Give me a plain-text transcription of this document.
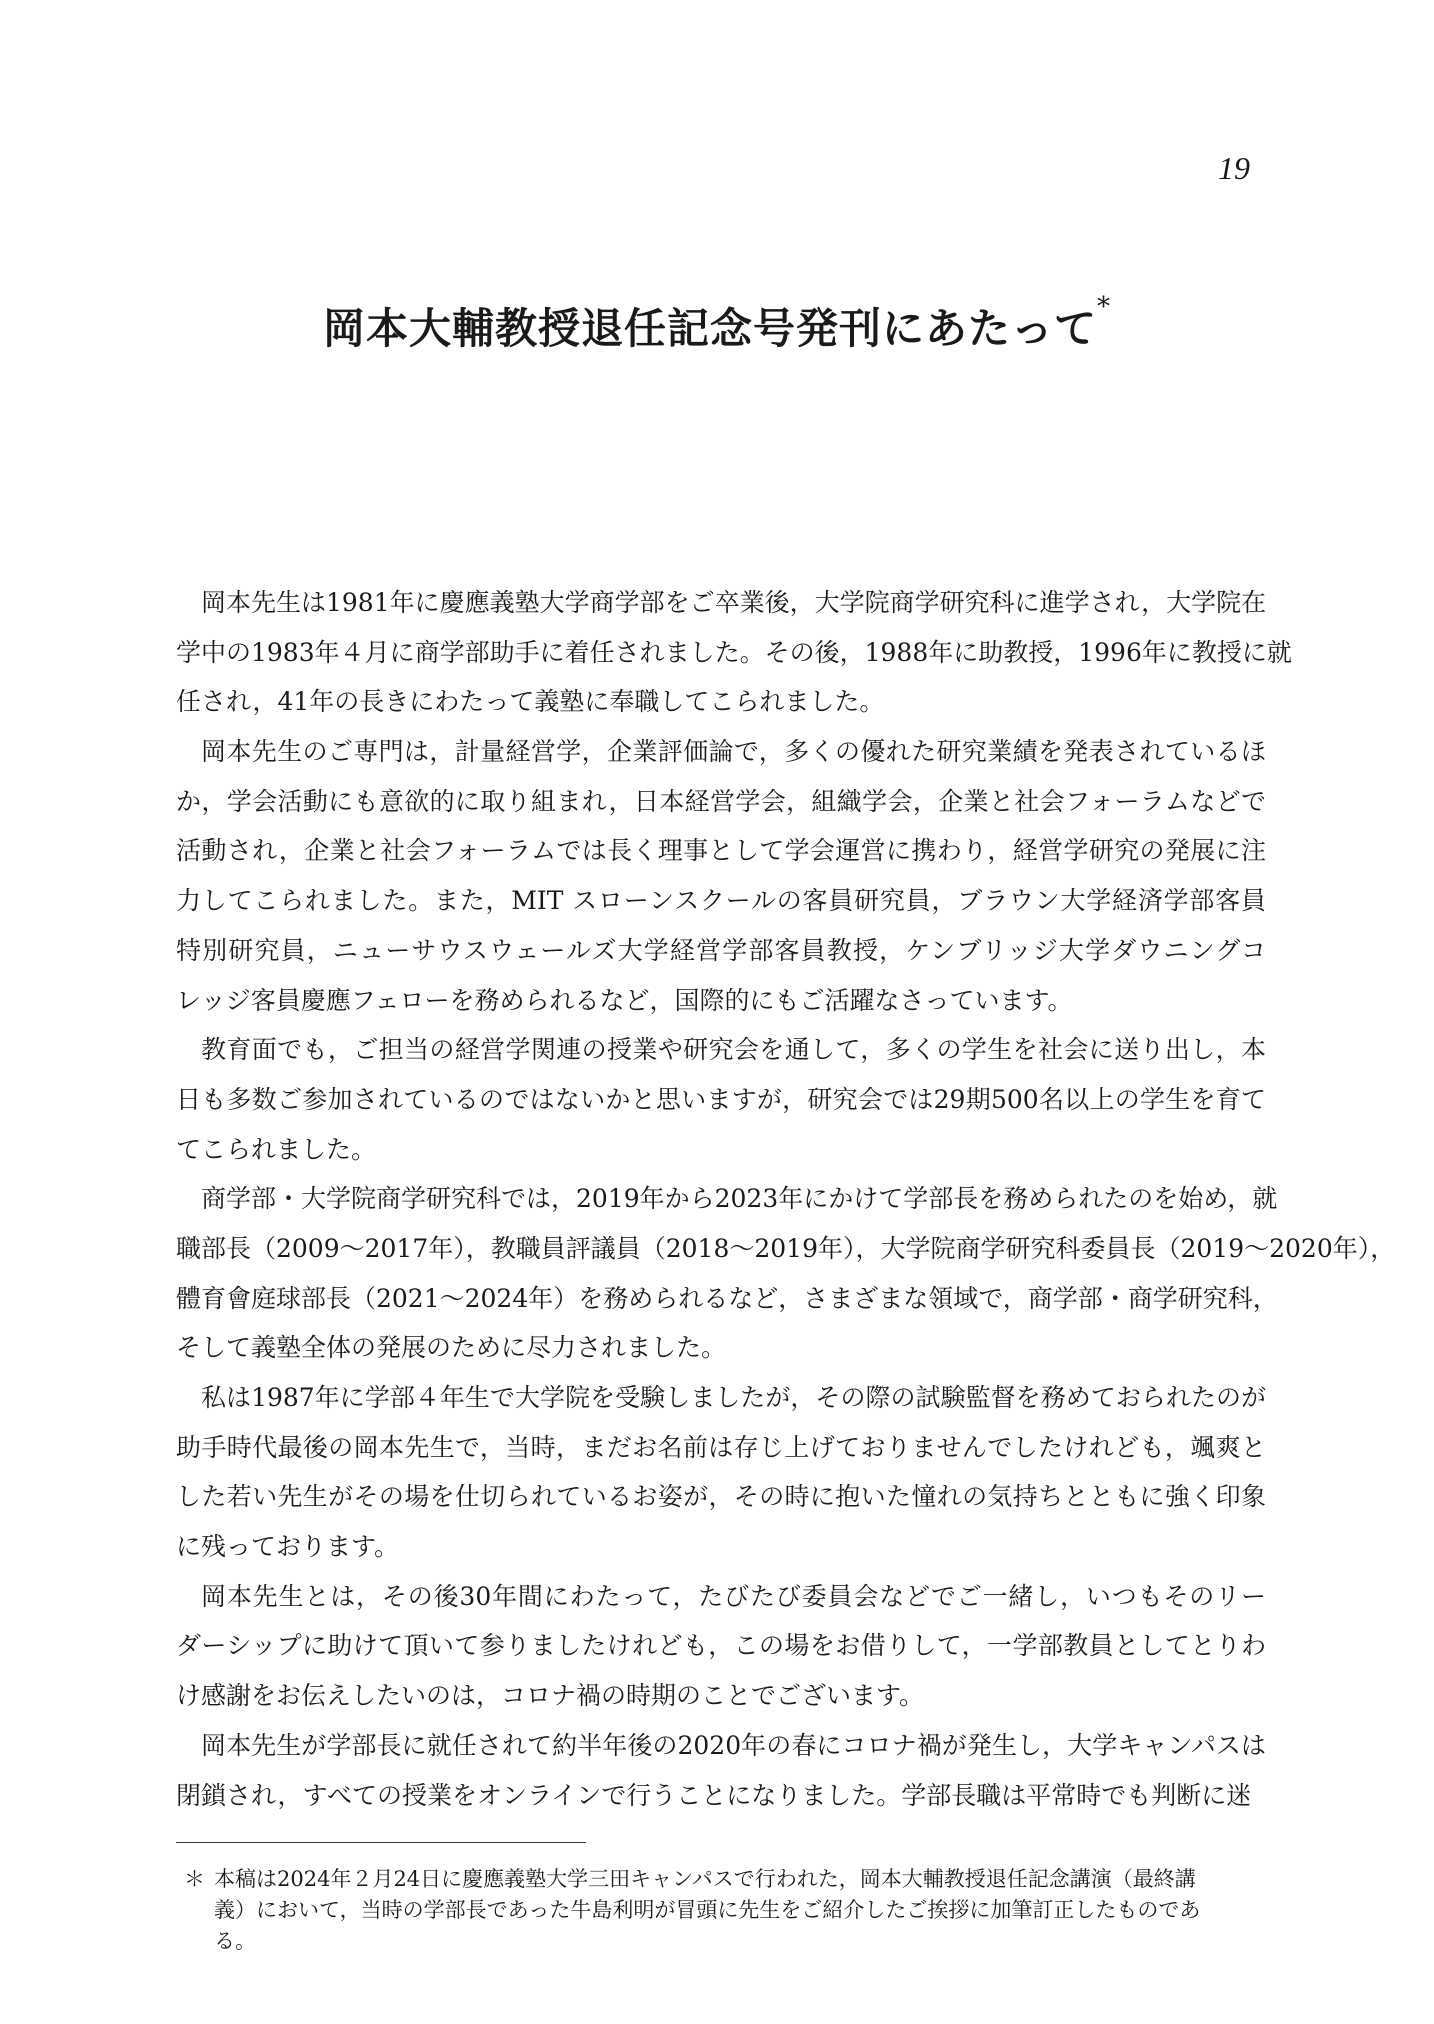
19
岡本大輔教授退任記念号発刊にあたって*
岡本先生は1981年に慶應義塾大学商学部をご卒業後，大学院商学研究科に進学され，大学院在
学中の1983年４月に商学部助手に着任されました。その後，1988年に助教授，1996年に教授に就
任され，41年の長きにわたって義塾に奉職してこられました。
岡本先生のご専門は，計量経営学，企業評価論で，多くの優れた研究業績を発表されているほ
か，学会活動にも意欲的に取り組まれ，日本経営学会，組織学会，企業と社会フォーラムなどで
活動され，企業と社会フォーラムでは長く理事として学会運営に携わり，経営学研究の発展に注
力してこられました。また，MIT スローンスクールの客員研究員，ブラウン大学経済学部客員
特別研究員，ニューサウスウェールズ大学経営学部客員教授，ケンブリッジ大学ダウニングコ
レッジ客員慶應フェローを務められるなど，国際的にもご活躍なさっています。
教育面でも，ご担当の経営学関連の授業や研究会を通して，多くの学生を社会に送り出し，本
日も多数ご参加されているのではないかと思いますが，研究会では29期500名以上の学生を育て
てこられました。
商学部・大学院商学研究科では，2019年から2023年にかけて学部長を務められたのを始め，就
職部長（2009～2017年），教職員評議員（2018～2019年），大学院商学研究科委員長（2019～2020年），
體育會庭球部長（2021～2024年）を務められるなど，さまざまな領域で，商学部・商学研究科，
そして義塾全体の発展のために尽力されました。
私は1987年に学部４年生で大学院を受験しましたが，その際の試験監督を務めておられたのが
助手時代最後の岡本先生で，当時，まだお名前は存じ上げておりませんでしたけれども，颯爽と
した若い先生がその場を仕切られているお姿が，その時に抱いた憧れの気持ちとともに強く印象
に残っております。
岡本先生とは，その後30年間にわたって，たびたび委員会などでご一緒し，いつもそのリー
ダーシップに助けて頂いて参りましたけれども，この場をお借りして，一学部教員としてとりわ
け感謝をお伝えしたいのは，コロナ禍の時期のことでございます。
岡本先生が学部長に就任されて約半年後の2020年の春にコロナ禍が発生し，大学キャンパスは
閉鎖され，すべての授業をオンラインで行うことになりました。学部長職は平常時でも判断に迷
＊ 本稿は2024年２月24日に慶應義塾大学三田キャンパスで行われた，岡本大輔教授退任記念講演（最終講
義）において，当時の学部長であった牛島利明が冒頭に先生をご紹介したご挨拶に加筆訂正したものであ
る。
